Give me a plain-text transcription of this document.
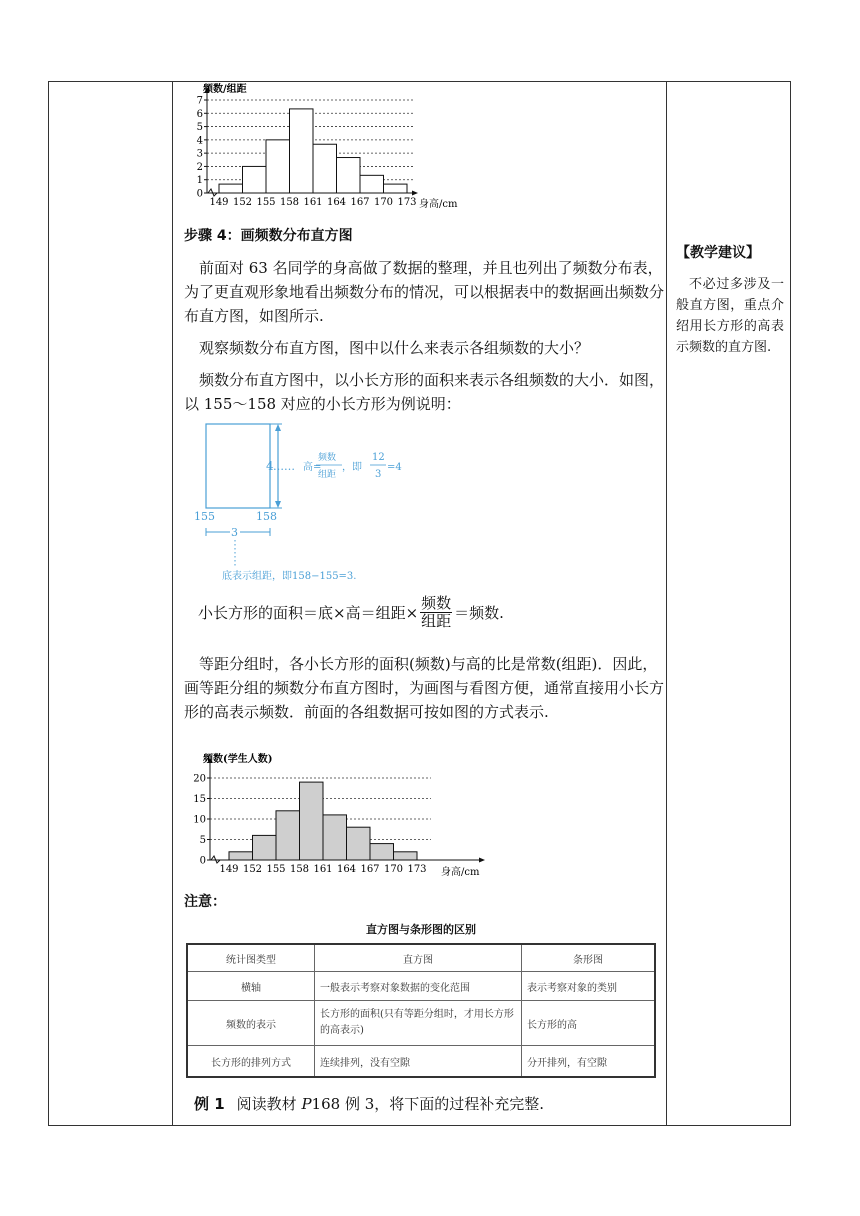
0
1
2
3
4
5
6
7
149 152 155 158 161 164 167 170 173
频数/组距
身高/cm
步骤 4：画频数分布直方图
前面对 63 名同学的身高做了数据的整理，并且也列出了频数分布表，为了更直观形象地看出频数分布的情况，可以根据表中的数据画出频数分布直方图，如图所示.
观察频数分布直方图，图中以什么来表示各组频数的大小？
频数分布直方图中，以小长方形的面积来表示各组频数的大小．如图，以 155～158 对应的小长方形为例说明：
4 …… 高=
频数
组距
，即
12
3
=4
155	158
3
底表示组距，即158−155=3.
小长方形的面积＝底×高＝组距× $\frac{\text{频数}}{\text{组距}}$ ＝频数.
等距分组时，各小长方形的面积(频数)与高的比是常数(组距)．因此，画等距分组的频数分布直方图时，为画图与看图方便，通常直接用小长方形的高表示频数．前面的各组数据可按如图的方式表示.
0
5
10
15
20
149 152 155 158 161 164 167 170 173
频数(学生人数)
身高/cm
注意：
直方图与条形图的区别
统计图类型	直方图	条形图
横轴	一般表示考察对象数据的变化范围	表示考察对象的类别
频数的表示	长方形的面积(只有等距分组时，才用长方形的高表示)	长方形的高
长方形的排列方式	连续排列，没有空隙	分开排列，有空隙
例 1 阅读教材 P168 例 3，将下面的过程补充完整.
【教学建议】
不必过多涉及一般直方图，重点介绍用长方形的高表示频数的直方图.
